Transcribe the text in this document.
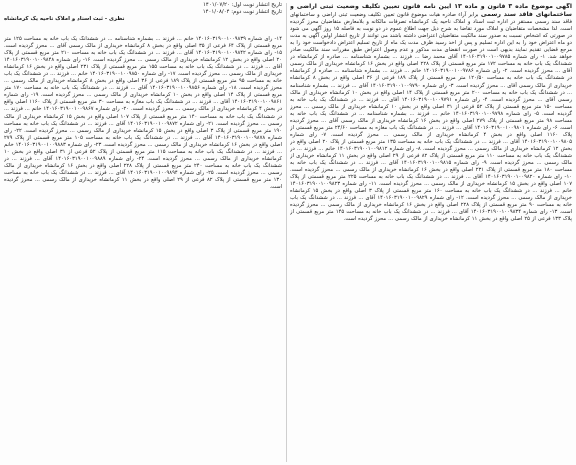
آگهی موضوع ماده ۳ قانون و ماده ۱۳ آیین نامه قانون تعیین تکلیف وضعیت ثبتی اراضی و ساختمانهای فاقد سند رسمی برابر آراء صادره هیات موضوع قانون تعیین تکلیف وضعیت ثبتی اراضی و ساختمانهای فاقد سند رسمی مستقر در اداره ثبت اسناد و املاک ناحیه یک کرمانشاه تصرفات مالکانه و بلامعارض متقاضیان محرز گردیده است. لذا مشخصات متقاضیان و املاک مورد تقاضا به شرح ذیل جهت اطلاع عموم در دو نوبت به فاصله ۱۵ روز آگهی می شود در صورتی که اشخاص نسبت به صدور سند مالکیت متقاضیان اعتراضی داشته باشند می توانند از تاریخ انتشار اولین آگهی به مدت دو ماه اعتراض خود را به این اداره تسلیم و پس از اخذ رسید ظرف مدت یک ماه از تاریخ تسلیم اعتراض دادخواست خود را به مرجع قضایی تقدیم نمایند بدیهی است در صورت انقضای مدت مذکور و عدم وصول اعتراض طبق مقررات سند مالکیت صادر خواهد شد. ۱- رای شماره ۱۴۰۱۶۰۳۱۹۰۰۱۰۰۹۷۸۵ آقای محمد رضا ... فرزند ... بشماره شناسنامه ... صادره از کرمانشاه در ششدانگ یک باب خانه به مساحت ۱۷۲ متر مربع قسمتی از پلاک ۲۲۸ اصلی واقع در بخش ۱۶ کرمانشاه خریداری از مالک رسمی آقای ... محرز گردیده است. ۲- رای شماره ۱۴۰۱۶۰۳۱۹۰۰۱۰۰۹۷۸۶ خانم ... فرزند ... بشماره شناسنامه ... صادره از کرمانشاه در ششدانگ یک باب خانه به مساحت ۱۲۰/۵۰ متر مربع قسمتی از پلاک ۱۸۹ فرعی از ۳۶ اصلی واقع در بخش ۸ کرمانشاه خریداری از مالک رسمی آقای ... محرز گردیده است. ۳- رای شماره ۱۴۰۱۶۰۳۱۹۰۰۱۰۰۹۷۹۰ آقای ... فرزند ... بشماره شناسنامه ... در ششدانگ یک باب خانه به مساحت ۲۰۰ متر مربع قسمتی از پلاک ۱۴ اصلی واقع در بخش ۱۰ کرمانشاه خریداری از مالک رسمی آقای ... محرز گردیده است. ۴- رای شماره ۱۴۰۱۶۰۳۱۹۰۰۱۰۰۹۷۹۱ آقای ... فرزند ... در ششدانگ یک باب خانه به مساحت ۱۵۰ متر مربع قسمتی از پلاک ۵۲ فرعی از ۳۱ اصلی واقع در بخش ۱۰ کرمانشاه خریداری از مالک رسمی ... محرز گردیده است. ۵- رای شماره ۱۴۰۱۶۰۳۱۹۰۰۱۰۰۹۷۹۸ خانم ... فرزند ... بشماره شناسنامه ... در ششدانگ یک باب خانه به مساحت ۹۸ متر مربع قسمتی از پلاک ۲۷۹ اصلی واقع در بخش ۱۶ کرمانشاه خریداری از مالک رسمی آقای ... محرز گردیده است. ۶- رای شماره ۱۴۰۱۶۰۳۱۹۰۰۱۰۰۹۸۰۱ آقای ... فرزند ... در ششدانگ یک باب مغازه به مساحت ۲۴/۶۰ متر مربع قسمتی از پلاک ۱۱۶۰ اصلی واقع در بخش ۴ کرمانشاه خریداری از مالک رسمی ... محرز گردیده است. ۷- رای شماره ۱۴۰۱۶۰۳۱۹۰۰۱۰۰۹۸۰۵ آقای ... فرزند ... در ششدانگ یک باب خانه به مساحت ۱۳۵ متر مربع قسمتی از پلاک ۲۰ اصلی واقع در بخش ۱۲ کرمانشاه خریداری از مالک رسمی ... محرز گردیده است. ۸- رای شماره ۱۴۰۱۶۰۳۱۹۰۰۱۰۰۹۸۱۲ خانم ... فرزند ... در ششدانگ یک باب خانه به مساحت ۱۱۰ متر مربع قسمتی از پلاک ۸۲ فرعی از ۲۹ اصلی واقع در بخش ۱۱ کرمانشاه خریداری از مالک رسمی ... محرز گردیده است. ۹- رای شماره ۱۴۰۱۶۰۳۱۹۰۰۱۰۰۹۸۱۵ آقای ... فرزند ... در ششدانگ یک باب خانه به مساحت ۱۸۰ متر مربع قسمتی از پلاک ۲۳۱ اصلی واقع در بخش ۱۶ کرمانشاه خریداری از مالک رسمی ... محرز گردیده است. ۱۰- رای شماره ۱۴۰۱۶۰۳۱۹۰۰۱۰۰۹۸۲۰ آقای ... فرزند ... در ششدانگ یک باب خانه به مساحت ۲۲۵ متر مربع قسمتی از پلاک ۱۰۷ اصلی واقع در بخش ۱۵ کرمانشاه خریداری از مالک رسمی ... محرز گردیده است. ۱۱- رای شماره ۱۴۰۱۶۰۳۱۹۰۰۱۰۰۹۸۲۳ خانم ... فرزند ... در ششدانگ یک باب خانه به مساحت ۱۶۰ متر مربع قسمتی از پلاک ۳ اصلی واقع در بخش ۱۵ کرمانشاه خریداری از مالک رسمی ... محرز گردیده است. ۱۲- رای شماره ۱۴۰۱۶۰۳۱۹۰۰۱۰۰۹۸۲۹ آقای ... فرزند ... در ششدانگ یک باب خانه به مساحت ۹۰ متر مربع قسمتی از پلاک ۲۲۸ اصلی واقع در بخش ۱۶ کرمانشاه خریداری از مالک رسمی ... محرز گردیده است. ۱۳- رای شماره ۱۴۰۱۶۰۳۱۹۰۰۱۰۰۹۸۳۴ آقای ... فرزند ... در ششدانگ یک باب خانه به مساحت ۱۴۵ متر مربع قسمتی از پلاک ۱۳۳ فرعی از ۲۵ اصلی واقع در بخش ۱۱ کرمانشاه خریداری از مالک رسمی ... محرز گردیده است.
تاریخ انتشار نوبت اول: ۱۴۰۱/۰۷/۲۰
تاریخ انتشار نوبت دوم: ۱۴۰۱/۰۸/۰۴
نظری - ثبت اسناد و املاک ناحیه یک کرمانشاه
۱۴- رای شماره ۱۴۰۱۶۰۳۱۹۰۰۱۰۰۹۸۳۹ خانم ... فرزند ... بشماره شناسنامه ... در ششدانگ یک باب خانه به مساحت ۱۲۵ متر مربع قسمتی از پلاک ۶۴ فرعی از ۳۵ اصلی واقع در بخش ۸ کرمانشاه خریداری از مالک رسمی آقای ... محرز گردیده است. ۱۵- رای شماره ۱۴۰۱۶۰۳۱۹۰۰۱۰۰۹۸۴۲ آقای ... فرزند ... در ششدانگ یک باب خانه به مساحت ۲۱۰ متر مربع قسمتی از پلاک ۲۰ اصلی واقع در بخش ۱۲ کرمانشاه خریداری از مالک رسمی ... محرز گردیده است. ۱۶- رای شماره ۱۴۰۱۶۰۳۱۹۰۰۱۰۰۹۸۴۸ آقای ... فرزند ... در ششدانگ یک باب خانه به مساحت ۱۵۵ متر مربع قسمتی از پلاک ۲۳۱ اصلی واقع در بخش ۱۶ کرمانشاه خریداری از مالک رسمی ... محرز گردیده است. ۱۷- رای شماره ۱۴۰۱۶۰۳۱۹۰۰۱۰۰۹۸۵۰ خانم ... فرزند ... در ششدانگ یک باب خانه به مساحت ۹۵ متر مربع قسمتی از پلاک ۱۸۹ فرعی از ۳۶ اصلی واقع در بخش ۸ کرمانشاه خریداری از مالک رسمی ... محرز گردیده است. ۱۸- رای شماره ۱۴۰۱۶۰۳۱۹۰۰۱۰۰۹۸۵۶ آقای ... فرزند ... در ششدانگ یک باب خانه به مساحت ۱۷۰ متر مربع قسمتی از پلاک ۱۴ اصلی واقع در بخش ۱۰ کرمانشاه خریداری از مالک رسمی ... محرز گردیده است. ۱۹- رای شماره ۱۴۰۱۶۰۳۱۹۰۰۱۰۰۹۸۶۱ آقای ... فرزند ... در ششدانگ یک باب مغازه به مساحت ۳۰ متر مربع قسمتی از پلاک ۱۱۶۰ اصلی واقع در بخش ۴ کرمانشاه خریداری از مالک رسمی ... محرز گردیده است. ۲۰- رای شماره ۱۴۰۱۶۰۳۱۹۰۰۱۰۰۹۸۶۷ خانم ... فرزند ... در ششدانگ یک باب خانه به مساحت ۱۴۰ متر مربع قسمتی از پلاک ۱۰۷ اصلی واقع در بخش ۱۵ کرمانشاه خریداری از مالک رسمی ... محرز گردیده است. ۲۱- رای شماره ۱۴۰۱۶۰۳۱۹۰۰۱۰۰۹۸۷۲ آقای ... فرزند ... در ششدانگ یک باب خانه به مساحت ۱۹۰ متر مربع قسمتی از پلاک ۳ اصلی واقع در بخش ۱۵ کرمانشاه خریداری از مالک رسمی ... محرز گردیده است. ۲۲- رای شماره ۱۴۰۱۶۰۳۱۹۰۰۱۰۰۹۸۷۸ آقای ... فرزند ... در ششدانگ یک باب خانه به مساحت ۱۰۵ متر مربع قسمتی از پلاک ۲۷۹ اصلی واقع در بخش ۱۶ کرمانشاه خریداری از مالک رسمی ... محرز گردیده است. ۲۳- رای شماره ۱۴۰۱۶۰۳۱۹۰۰۱۰۰۹۸۸۳ خانم ... فرزند ... در ششدانگ یک باب خانه به مساحت ۱۱۵ متر مربع قسمتی از پلاک ۵۲ فرعی از ۳۱ اصلی واقع در بخش ۱۰ کرمانشاه خریداری از مالک رسمی ... محرز گردیده است. ۲۴- رای شماره ۱۴۰۱۶۰۳۱۹۰۰۱۰۰۹۸۸۹ آقای ... فرزند ... در ششدانگ یک باب خانه به مساحت ۲۴۰ متر مربع قسمتی از پلاک ۲۲۸ اصلی واقع در بخش ۱۶ کرمانشاه خریداری از مالک رسمی ... محرز گردیده است. ۲۵- رای شماره ۱۴۰۱۶۰۳۱۹۰۰۱۰۰۹۸۹۴ آقای ... فرزند ... در ششدانگ یک باب خانه به مساحت ۱۳۰ متر مربع قسمتی از پلاک ۸۲ فرعی از ۲۹ اصلی واقع در بخش ۱۱ کرمانشاه خریداری از مالک رسمی ... محرز گردیده است.
